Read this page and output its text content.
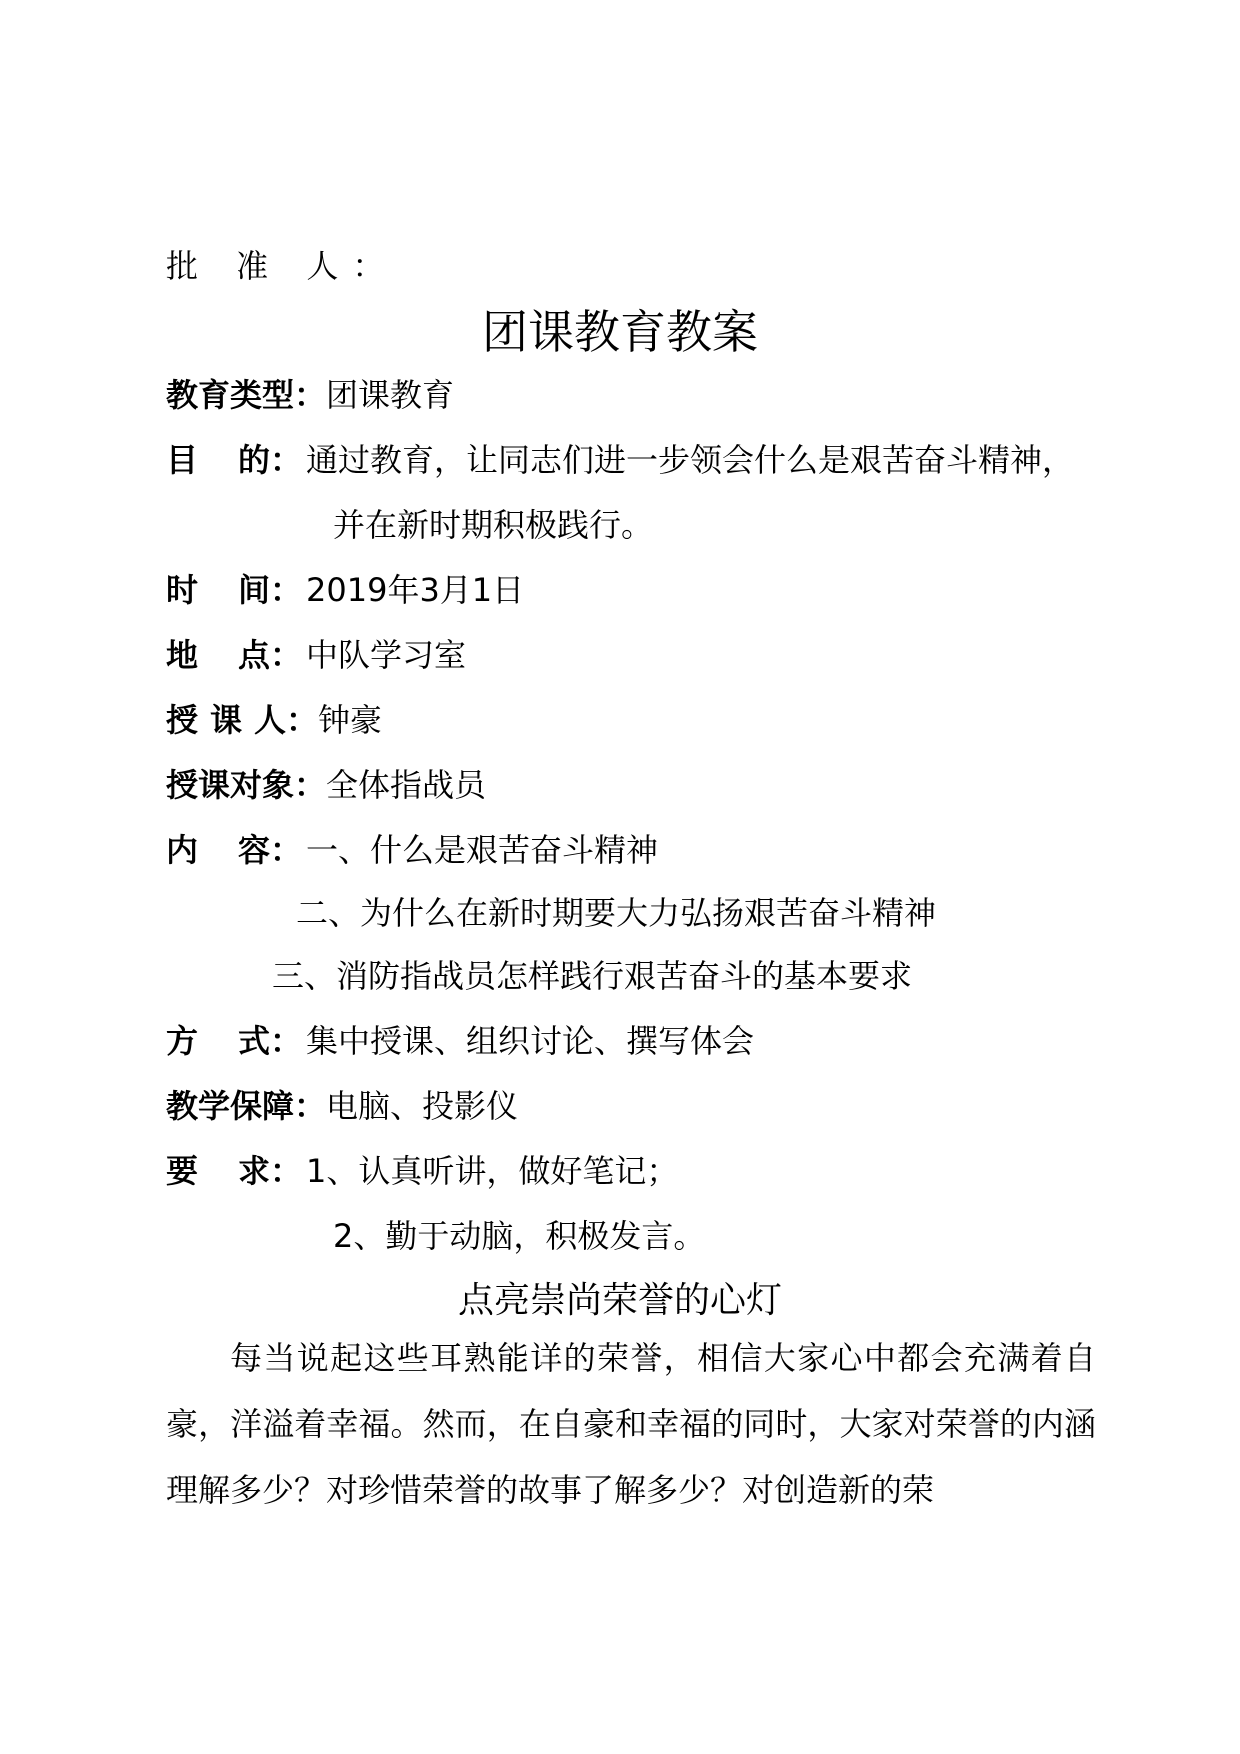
批 准 人：
团课教育教案
教育类型：团课教育
目 的： 通过教育，让同志们进一步领会什么是艰苦奋斗精神，
并在新时期积极践行。
时 间： 2019年3月1日
地 点： 中队学习室
授 课 人：钟豪
授课对象：全体指战员
内 容： 一、什么是艰苦奋斗精神
二、为什么在新时期要大力弘扬艰苦奋斗精神
三、消防指战员怎样践行艰苦奋斗的基本要求
方 式： 集中授课、组织讨论、撰写体会
教学保障：电脑、投影仪
要 求： 1、认真听讲，做好笔记；
2、勤于动脑，积极发言。
点亮崇尚荣誉的心灯
每当说起这些耳熟能详的荣誉，相信大家心中都会充满着自豪，洋溢着幸福。然而，在自豪和幸福的同时，大家对荣誉的内涵理解多少？对珍惜荣誉的故事了解多少？对创造新的荣
